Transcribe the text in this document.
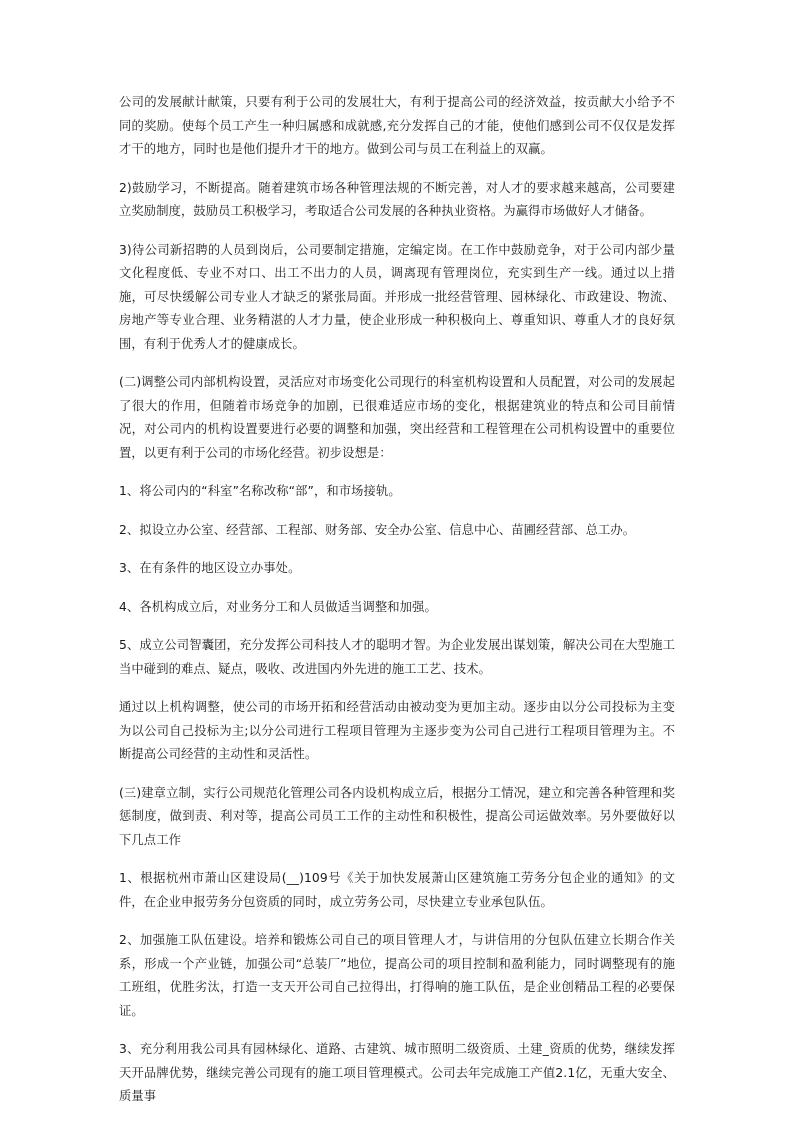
公司的发展献计献策，只要有利于公司的发展壮大，有利于提高公司的经济效益，按贡献大小给予不同的奖励。使每个员工产生一种归属感和成就感,充分发挥自己的才能，使他们感到公司不仅仅是发挥才干的地方，同时也是他们提升才干的地方。做到公司与员工在利益上的双赢。

2)鼓励学习，不断提高。随着建筑市场各种管理法规的不断完善，对人才的要求越来越高，公司要建立奖励制度，鼓励员工积极学习，考取适合公司发展的各种执业资格。为赢得市场做好人才储备。

3)待公司新招聘的人员到岗后，公司要制定措施，定编定岗。在工作中鼓励竞争，对于公司内部少量文化程度低、专业不对口、出工不出力的人员，调离现有管理岗位，充实到生产一线。通过以上措施，可尽快缓解公司专业人才缺乏的紧张局面。并形成一批经营管理、园林绿化、市政建设、物流、房地产等专业合理、业务精湛的人才力量，使企业形成一种积极向上、尊重知识、尊重人才的良好氛围，有利于优秀人才的健康成长。

(二)调整公司内部机构设置，灵活应对市场变化公司现行的科室机构设置和人员配置，对公司的发展起了很大的作用，但随着市场竞争的加剧，已很难适应市场的变化，根据建筑业的特点和公司目前情况，对公司内的机构设置要进行必要的调整和加强，突出经营和工程管理在公司机构设置中的重要位置，以更有利于公司的市场化经营。初步设想是：

1、将公司内的“科室”名称改称“部”，和市场接轨。

2、拟设立办公室、经营部、工程部、财务部、安全办公室、信息中心、苗圃经营部、总工办。

3、在有条件的地区设立办事处。

4、各机构成立后，对业务分工和人员做适当调整和加强。

5、成立公司智囊团，充分发挥公司科技人才的聪明才智。为企业发展出谋划策，解决公司在大型施工当中碰到的难点、疑点，吸收、改进国内外先进的施工工艺、技术。

通过以上机构调整，使公司的市场开拓和经营活动由被动变为更加主动。逐步由以分公司投标为主变为以公司自己投标为主;以分公司进行工程项目管理为主逐步变为公司自己进行工程项目管理为主。不断提高公司经营的主动性和灵活性。

(三)建章立制，实行公司规范化管理公司各内设机构成立后，根据分工情况，建立和完善各种管理和奖惩制度，做到责、利对等，提高公司员工工作的主动性和积极性，提高公司运做效率。另外要做好以下几点工作

1、根据杭州市萧山区建设局(__)109号《关于加快发展萧山区建筑施工劳务分包企业的通知》的文件，在企业申报劳务分包资质的同时，成立劳务公司，尽快建立专业承包队伍。

2、加强施工队伍建设。培养和锻炼公司自己的项目管理人才，与讲信用的分包队伍建立长期合作关系，形成一个产业链，加强公司“总装厂”地位，提高公司的项目控制和盈利能力，同时调整现有的施工班组，优胜劣汰，打造一支天开公司自己拉得出，打得响的施工队伍，是企业创精品工程的必要保证。

3、充分利用我公司具有园林绿化、道路、古建筑、城市照明二级资质、土建_资质的优势，继续发挥天开品牌优势，继续完善公司现有的施工项目管理模式。公司去年完成施工产值2.1亿，无重大安全、质量事
